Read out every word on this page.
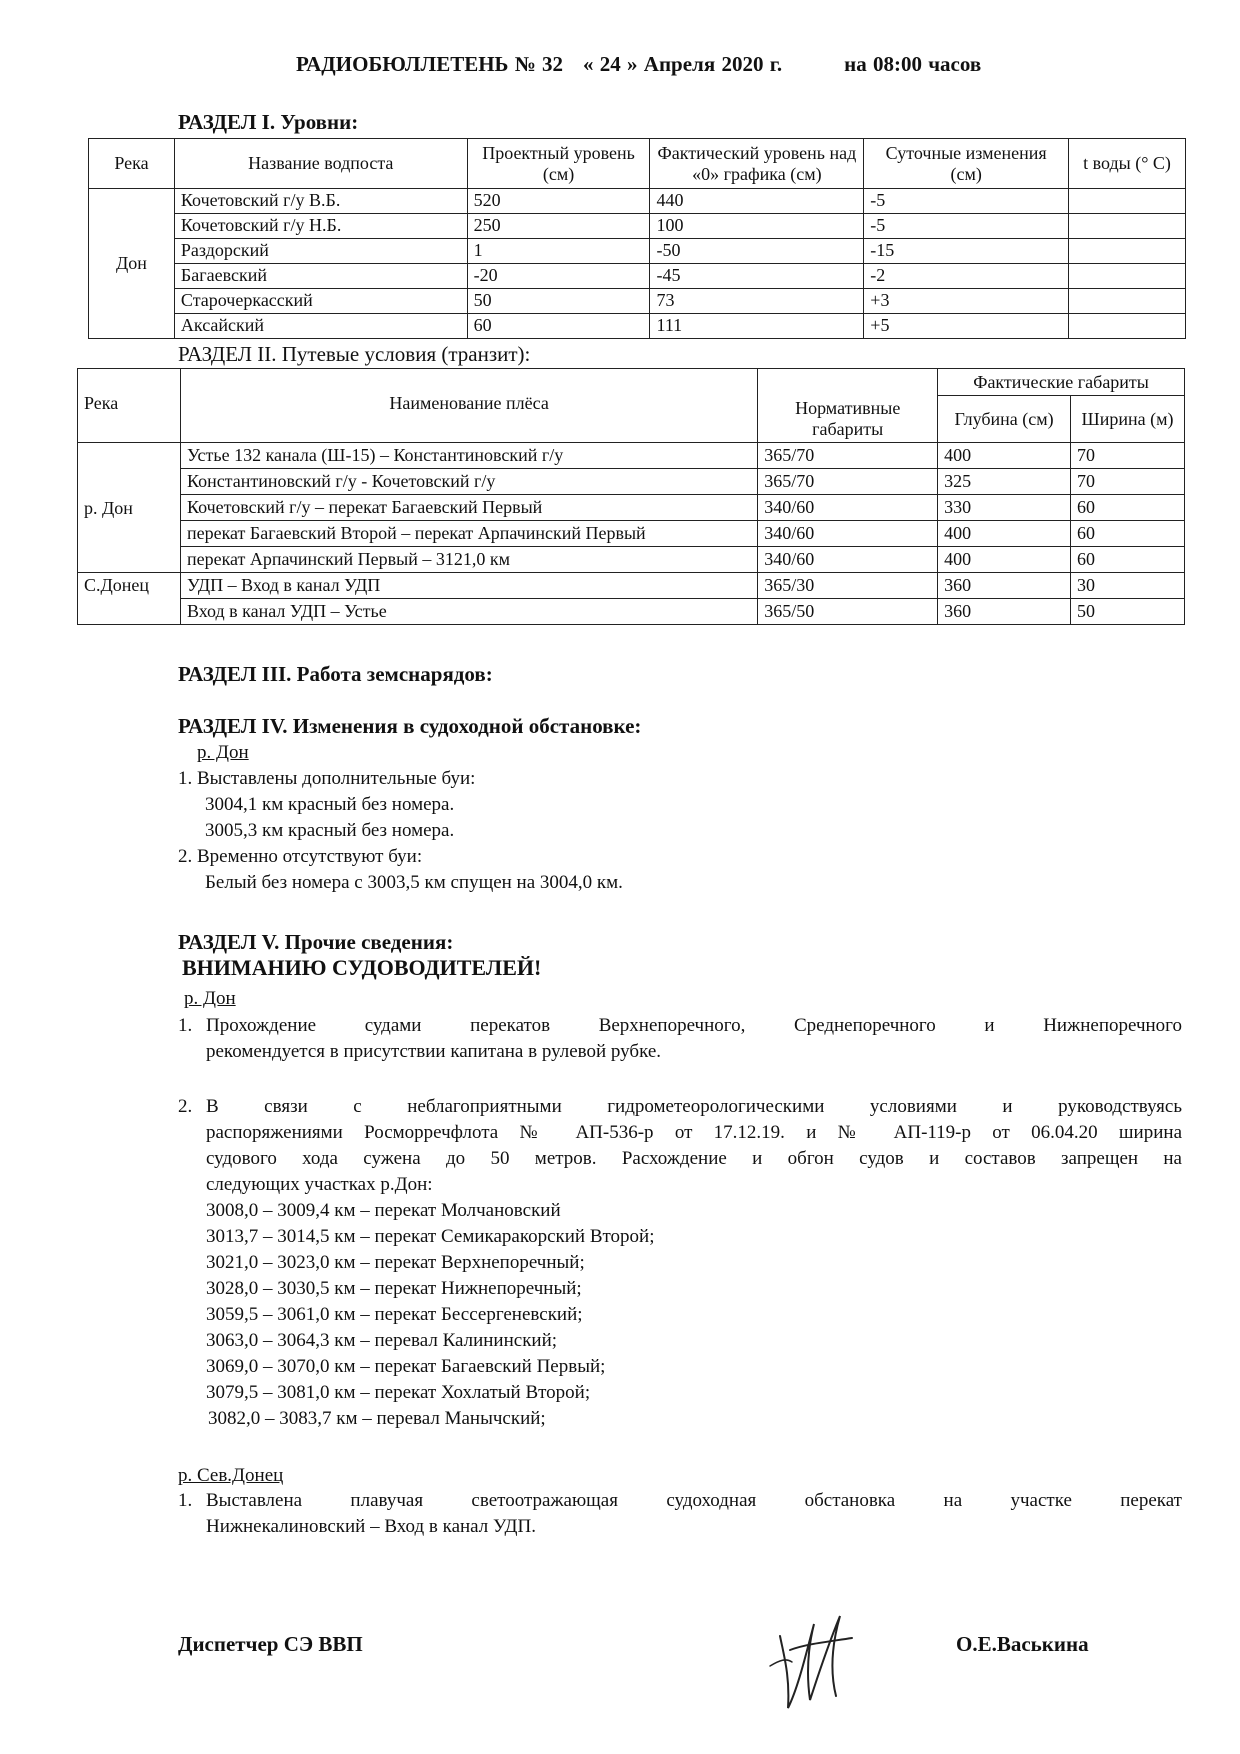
РАДИОБЮЛЛЕТЕНЬ № 32 « 24 » Апреля 2020 г.	на 08:00 часов
РАЗДЕЛ I. Уровни:
Река	Название водпоста	Проектный уровень (см)	Фактический уровень над «0» графика (см)	Суточные изменения (см)	t воды (° С)
Дон	Кочетовский г/у В.Б.	520	440	-5	
	Кочетовский г/у Н.Б.	250	100	-5	
	Раздорский	1	-50	-15	
	Багаевский	-20	-45	-2	
	Старочеркасский	50	73	+3	
	Аксайский	60	111	+5	
РАЗДЕЛ II. Путевые условия (транзит):
Река	Наименование плёса	Нормативные габариты	Фактические габариты	
			Глубина (см)	Ширина (м)
р. Дон	Устье 132 канала (Ш-15) – Константиновский г/у	365/70	400	70
	Константиновский г/у - Кочетовский г/у	365/70	325	70
	Кочетовский г/у – перекат Багаевский Первый	340/60	330	60
	перекат Багаевский Второй – перекат Арпачинский Первый	340/60	400	60
	перекат Арпачинский Первый – 3121,0 км	340/60	400	60
С.Донец	УДП – Вход в канал УДП	365/30	360	30
	Вход в канал УДП – Устье	365/50	360	50
РАЗДЕЛ III. Работа земснарядов:
РАЗДЕЛ IV. Изменения в судоходной обстановке:
р. Дон
1. Выставлены дополнительные буи:
3004,1 км красный без номера.
3005,3 км красный без номера.
2. Временно отсутствуют буи:
Белый без номера с 3003,5 км спущен на 3004,0 км.
РАЗДЕЛ V. Прочие сведения:
ВНИМАНИЮ СУДОВОДИТЕЛЕЙ!
р. Дон
1. Прохождение судами перекатов Верхнепоречного, Среднепоречного и Нижнепоречного
рекомендуется в присутствии капитана в рулевой рубке.
2. В связи с неблагоприятными гидрометеорологическими условиями и руководствуясь
распоряжениями Росморречфлота № АП-536-р от 17.12.19. и № АП-119-р от 06.04.20 ширина
судового хода сужена до 50 метров. Расхождение и обгон судов и составов запрещен на
следующих участках р.Дон:
3008,0 – 3009,4 км – перекат Молчановский
3013,7 – 3014,5 км – перекат Семикаракорский Второй;
3021,0 – 3023,0 км – перекат Верхнепоречный;
3028,0 – 3030,5 км – перекат Нижнепоречный;
3059,5 – 3061,0 км – перекат Бессергеневский;
3063,0 – 3064,3 км – перевал Калининский;
3069,0 – 3070,0 км – перекат Багаевский Первый;
3079,5 – 3081,0 км – перекат Хохлатый Второй;
3082,0 – 3083,7 км – перевал Манычский;
р. Сев.Донец
1. Выставлена плавучая светоотражающая судоходная обстановка на участке перекат
Нижнекалиновский – Вход в канал УДП.
Диспетчер СЭ ВВП	О.Е.Васькина
